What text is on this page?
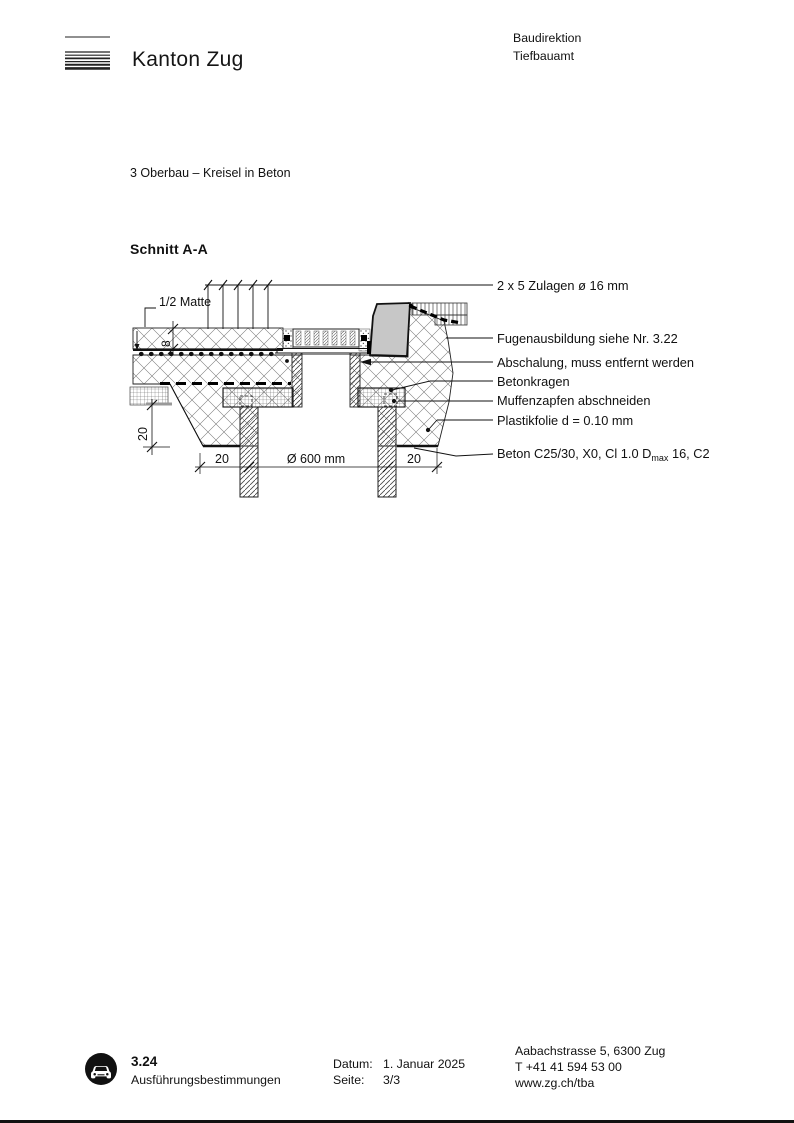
Kanton Zug
Baudirektion
Tiefbauamt
3 Oberbau – Kreisel in Beton
Schnitt A-A
1/2 Matte
8
20
20	Ø 600 mm	20
2 x 5 Zulagen ø 16 mm
Fugenausbildung siehe Nr. 3.22
Abschalung, muss entfernt werden
Betonkragen
Muffenzapfen abschneiden
Plastikfolie d = 0.10 mm
Beton C25/30, X0, Cl 1.0 $D_{max}$ 16, C2
3.24
Ausführungsbestimmungen
Datum: 1. Januar 2025
Seite: 3/3
Aabachstrasse 5, 6300 Zug
T +41 41 594 53 00
www.zg.ch/tba
